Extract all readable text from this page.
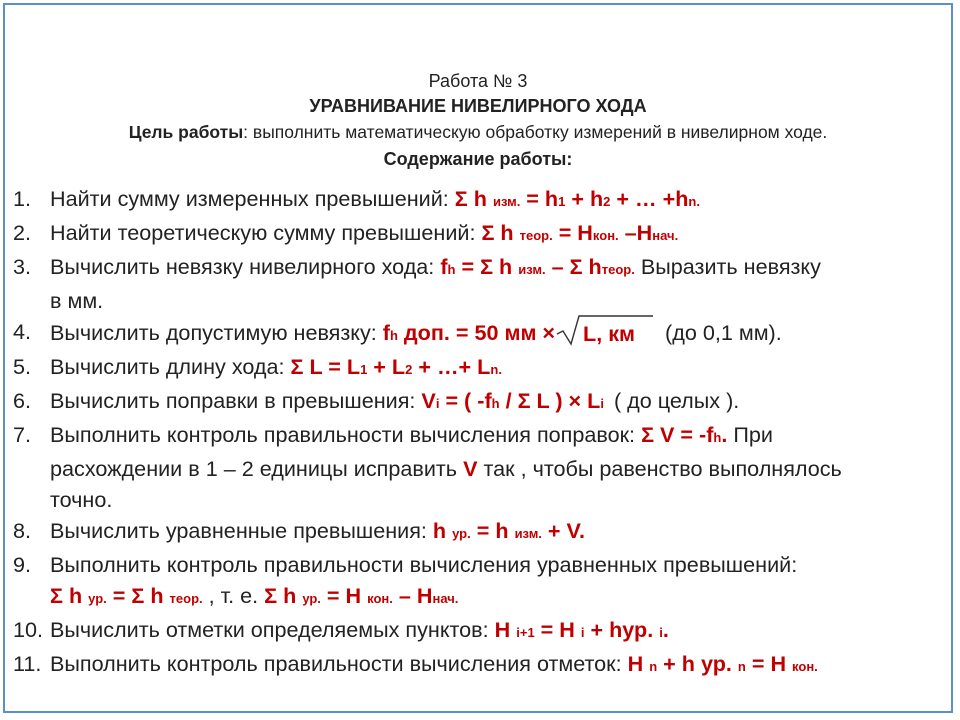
Работа № 3
УРАВНИВАНИЕ НИВЕЛИРНОГО ХОДА
Цель работы: выполнить математическую обработку измерений в нивелирном ходе.
Содержание работы:
1. Найти сумму измеренных превышений: Σ h изм. = h1 + h2 + … +hn.
2. Найти теоретическую сумму превышений: Σ h теор. = Hкон. –Hнач.
3. Вычислить невязку нивелирного хода: fh = Σ h изм. – Σ hтеор. Выразить невязку
в мм.
4. Вычислить допустимую невязку: fh доп. = 50 мм × L, км (до 0,1 мм).
5. Вычислить длину хода: Σ L = L1 + L2 + …+ Ln.
6. Вычислить поправки в превышения: Vi = ( -fh / Σ L ) × Li ( до целых ).
7. Выполнить контроль правильности вычисления поправок: Σ V = -fh. При
расхождении в 1 – 2 единицы исправить V так , чтобы равенство выполнялось
точно.
8. Вычислить уравненные превышения: h ур. = h изм. + V.
9. Выполнить контроль правильности вычисления уравненных превышений:
Σ h ур. = Σ h теор. , т. е. Σ h ур. = H кон. – Hнач.
10. Вычислить отметки определяемых пунктов: H i+1 = H i + hур. i.
11. Выполнить контроль правильности вычисления отметок: H n + h ур. n = H кон.
